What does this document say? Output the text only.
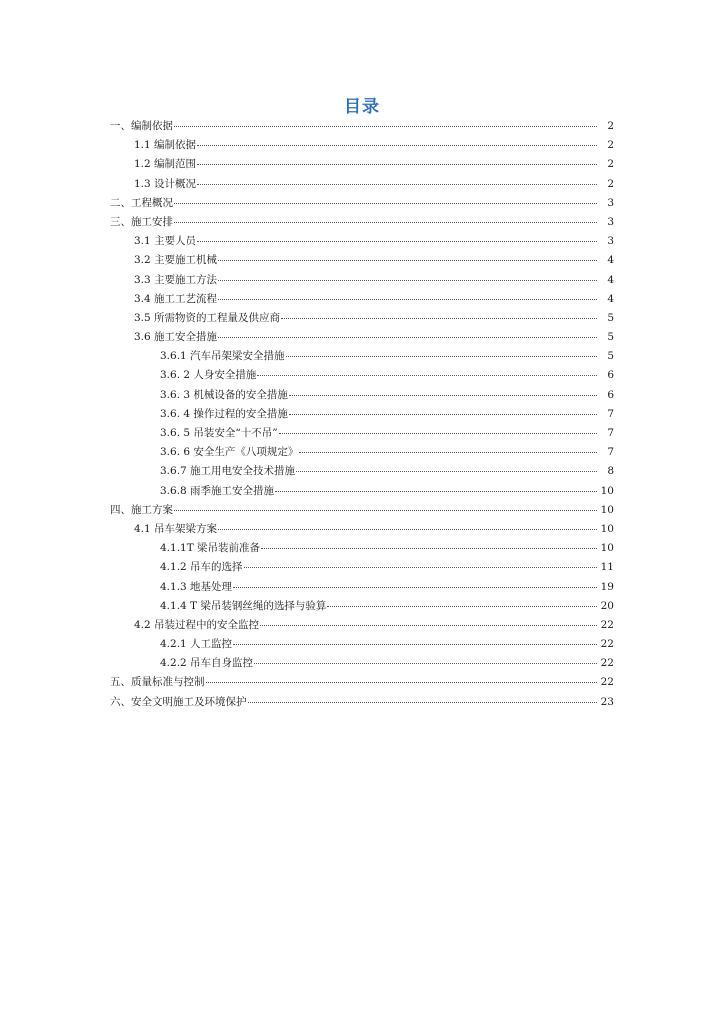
目录
一、编制依据	2
1.1 编制依据	2
1.2 编制范围	2
1.3 设计概况	2
二、工程概况	3
三、施工安排	3
3.1 主要人员	3
3.2 主要施工机械	4
3.3 主要施工方法	4
3.4 施工工艺流程	4
3.5 所需物资的工程量及供应商	5
3.6 施工安全措施	5
3.6.1 汽车吊架梁安全措施	5
3.6. 2 人身安全措施	6
3.6. 3 机械设备的安全措施	6
3.6. 4 操作过程的安全措施	7
3.6. 5 吊装安全“十不吊”	7
3.6. 6 安全生产《八项规定》	7
3.6.7 施工用电安全技术措施	8
3.6.8 雨季施工安全措施	10
四、施工方案	10
4.1 吊车架梁方案	10
4.1.1T 梁吊装前准备	10
4.1.2 吊车的选择	11
4.1.3 地基处理	19
4.1.4 T 梁吊装钢丝绳的选择与验算	20
4.2 吊装过程中的安全监控	22
4.2.1 人工监控	22
4.2.2 吊车自身监控	22
五、质量标准与控制	22
六、安全文明施工及环境保护	23
